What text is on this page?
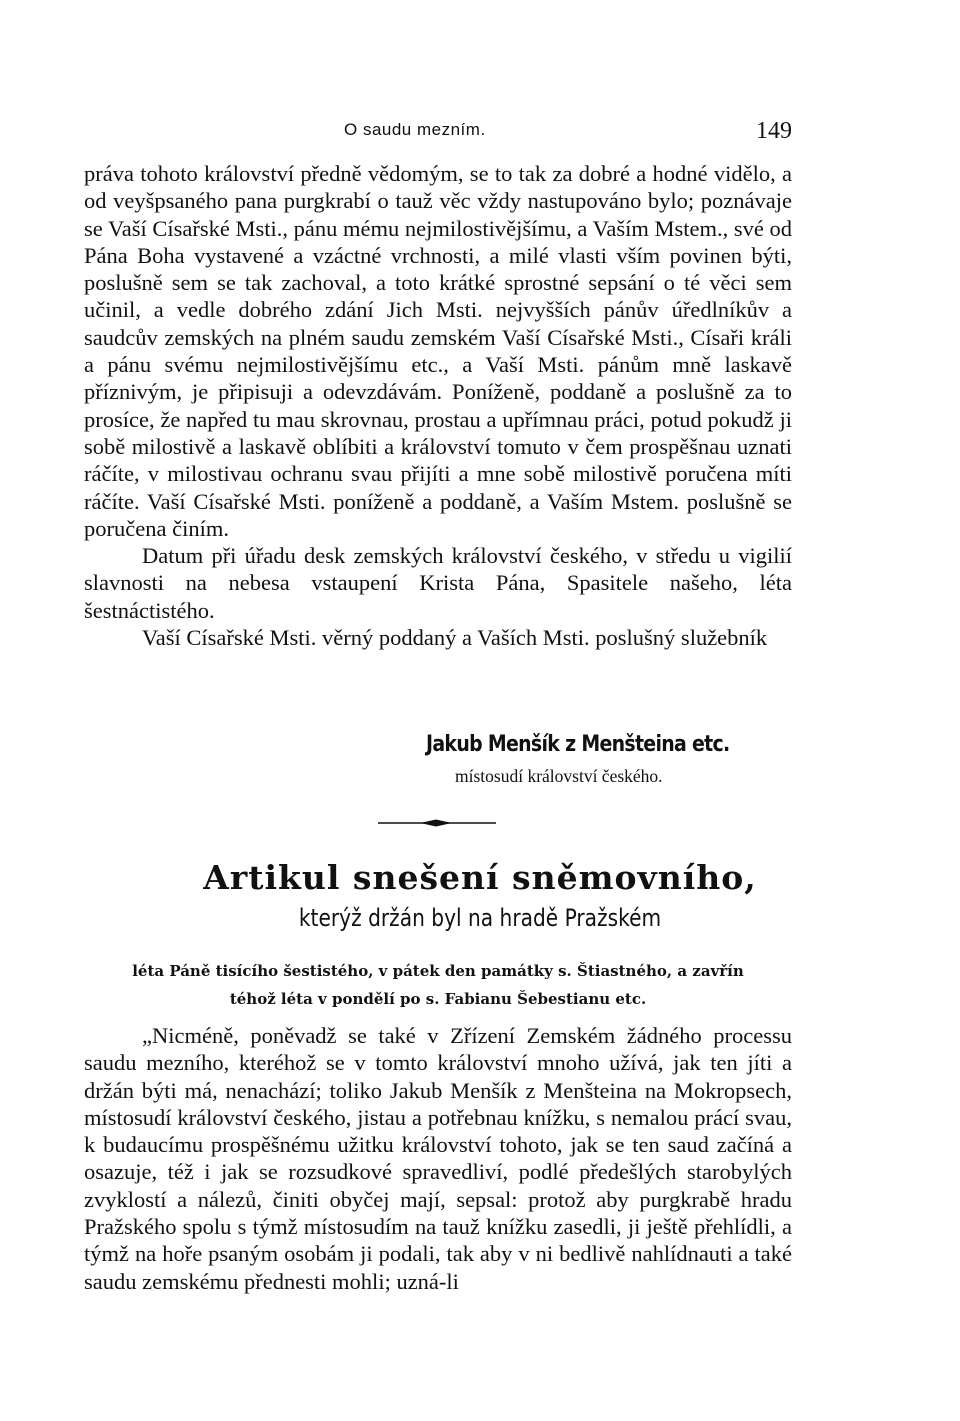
O saudu mezním.	149

práva tohoto království předně vědomým, se to tak za dobré a hodné vidělo, a od veyšpsaného pana purgkrabí o tauž věc vždy nastupováno bylo; poznávaje se Vaší Císařské Msti., pánu mému nejmilostivějšímu, a Vaším Mstem., své od Pána Boha vystavené a vzáctné vrchnosti, a milé vlasti vším povinen býti, poslušně sem se tak zachoval, a toto krátké sprostné sepsání o té věci sem učinil, a vedle dobrého zdání Jich Msti. nejvyšších pánův úředlníkův a saudcův zemských na plném saudu zemském Vaší Císařské Msti., Císaři králi a pánu svému nejmilostivějšímu etc., a Vaší Msti. pánům mně laskavě příznivým, je připisuji a odevzdávám. Poníženě, poddaně a poslušně za to prosíce, že napřed tu mau skrovnau, prostau a upřímnau práci, potud pokudž ji sobě milostivě a laskavě oblíbiti a království tomuto v čem prospěšnau uznati ráčíte, v milostivau ochranu svau přijíti a mne sobě milostivě poručena míti ráčíte. Vaší Císařské Msti. poníženě a poddaně, a Vaším Mstem. poslušně se poručena činím.

Datum při úřadu desk zemských království českého, v středu u vigilií slavnosti na nebesa vstaupení Krista Pána, Spasitele našeho, léta šestnáctistého.

Vaší Císařské Msti. věrný poddaný a Vaších Msti. poslušný služebník

Jakub Menšík z Menšteina etc.
místosudí království českého.
Artikul snešení sněmovního,
kterýž držán byl na hradě Pražském
léta Páně tisícího šestistého, v pátek den památky s. Štiastného, a zavřín
téhož léta v pondělí po s. Fabianu Šebestianu etc.

„Nicméně, poněvadž se také v Zřízení Zemském žádného processu saudu mezního, kteréhož se v tomto království mnoho užívá, jak ten jíti a držán býti má, nenachází; toliko Jakub Menšík z Menšteina na Mokropsech, místosudí království českého, jistau a potřebnau knížku, s nemalou prácí svau, k budaucímu prospěšnému užitku království tohoto, jak se ten saud začíná a osazuje, též i jak se rozsudkové spravedliví, podlé předešlých starobylých zvyklostí a nálezů, činiti obyčej mají, sepsal: protož aby purgkrabě hradu Pražského spolu s týmž místosudím na tauž knížku zasedli, ji ještě přehlídli, a týmž na hoře psaným osobám ji podali, tak aby v ni bedlivě nahlídnauti a také saudu zemskému přednesti mohli; uzná-li
